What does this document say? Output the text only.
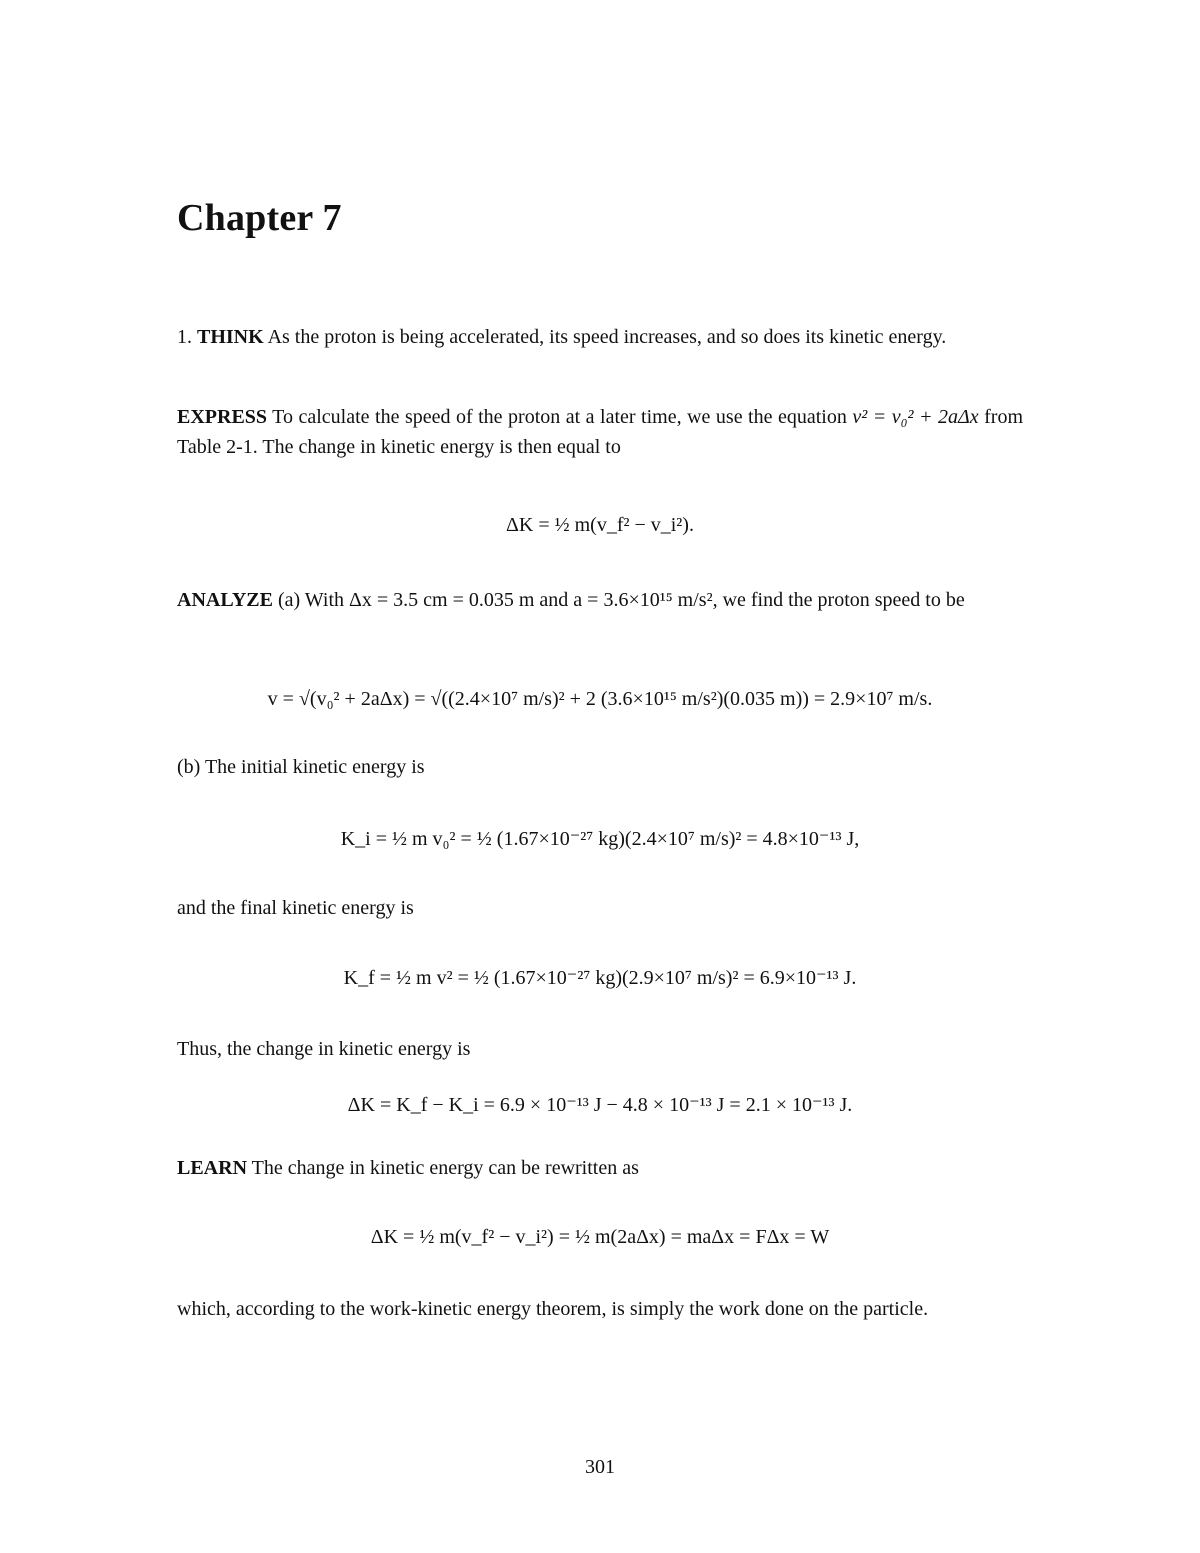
Chapter 7
1. THINK As the proton is being accelerated, its speed increases, and so does its kinetic energy.
EXPRESS To calculate the speed of the proton at a later time, we use the equation v² = v₀² + 2aΔx from Table 2-1. The change in kinetic energy is then equal to
ΔK = ½ m(v_f² − v_i²).
ANALYZE (a) With Δx = 3.5 cm = 0.035 m and a = 3.6×10¹⁵ m/s², we find the proton speed to be
v = √(v₀² + 2aΔx) = √((2.4×10⁷ m/s)² + 2 (3.6×10¹⁵ m/s²)(0.035 m)) = 2.9×10⁷ m/s.
(b) The initial kinetic energy is
K_i = ½ m v₀² = ½ (1.67×10⁻²⁷ kg)(2.4×10⁷ m/s)² = 4.8×10⁻¹³ J,
and the final kinetic energy is
K_f = ½ m v² = ½ (1.67×10⁻²⁷ kg)(2.9×10⁷ m/s)² = 6.9×10⁻¹³ J.
Thus, the change in kinetic energy is
ΔK = K_f − K_i = 6.9 × 10⁻¹³ J − 4.8 × 10⁻¹³ J = 2.1 × 10⁻¹³ J.
LEARN The change in kinetic energy can be rewritten as
ΔK = ½ m(v_f² − v_i²) = ½ m(2aΔx) = maΔx = FΔx = W
which, according to the work-kinetic energy theorem, is simply the work done on the particle.
301
